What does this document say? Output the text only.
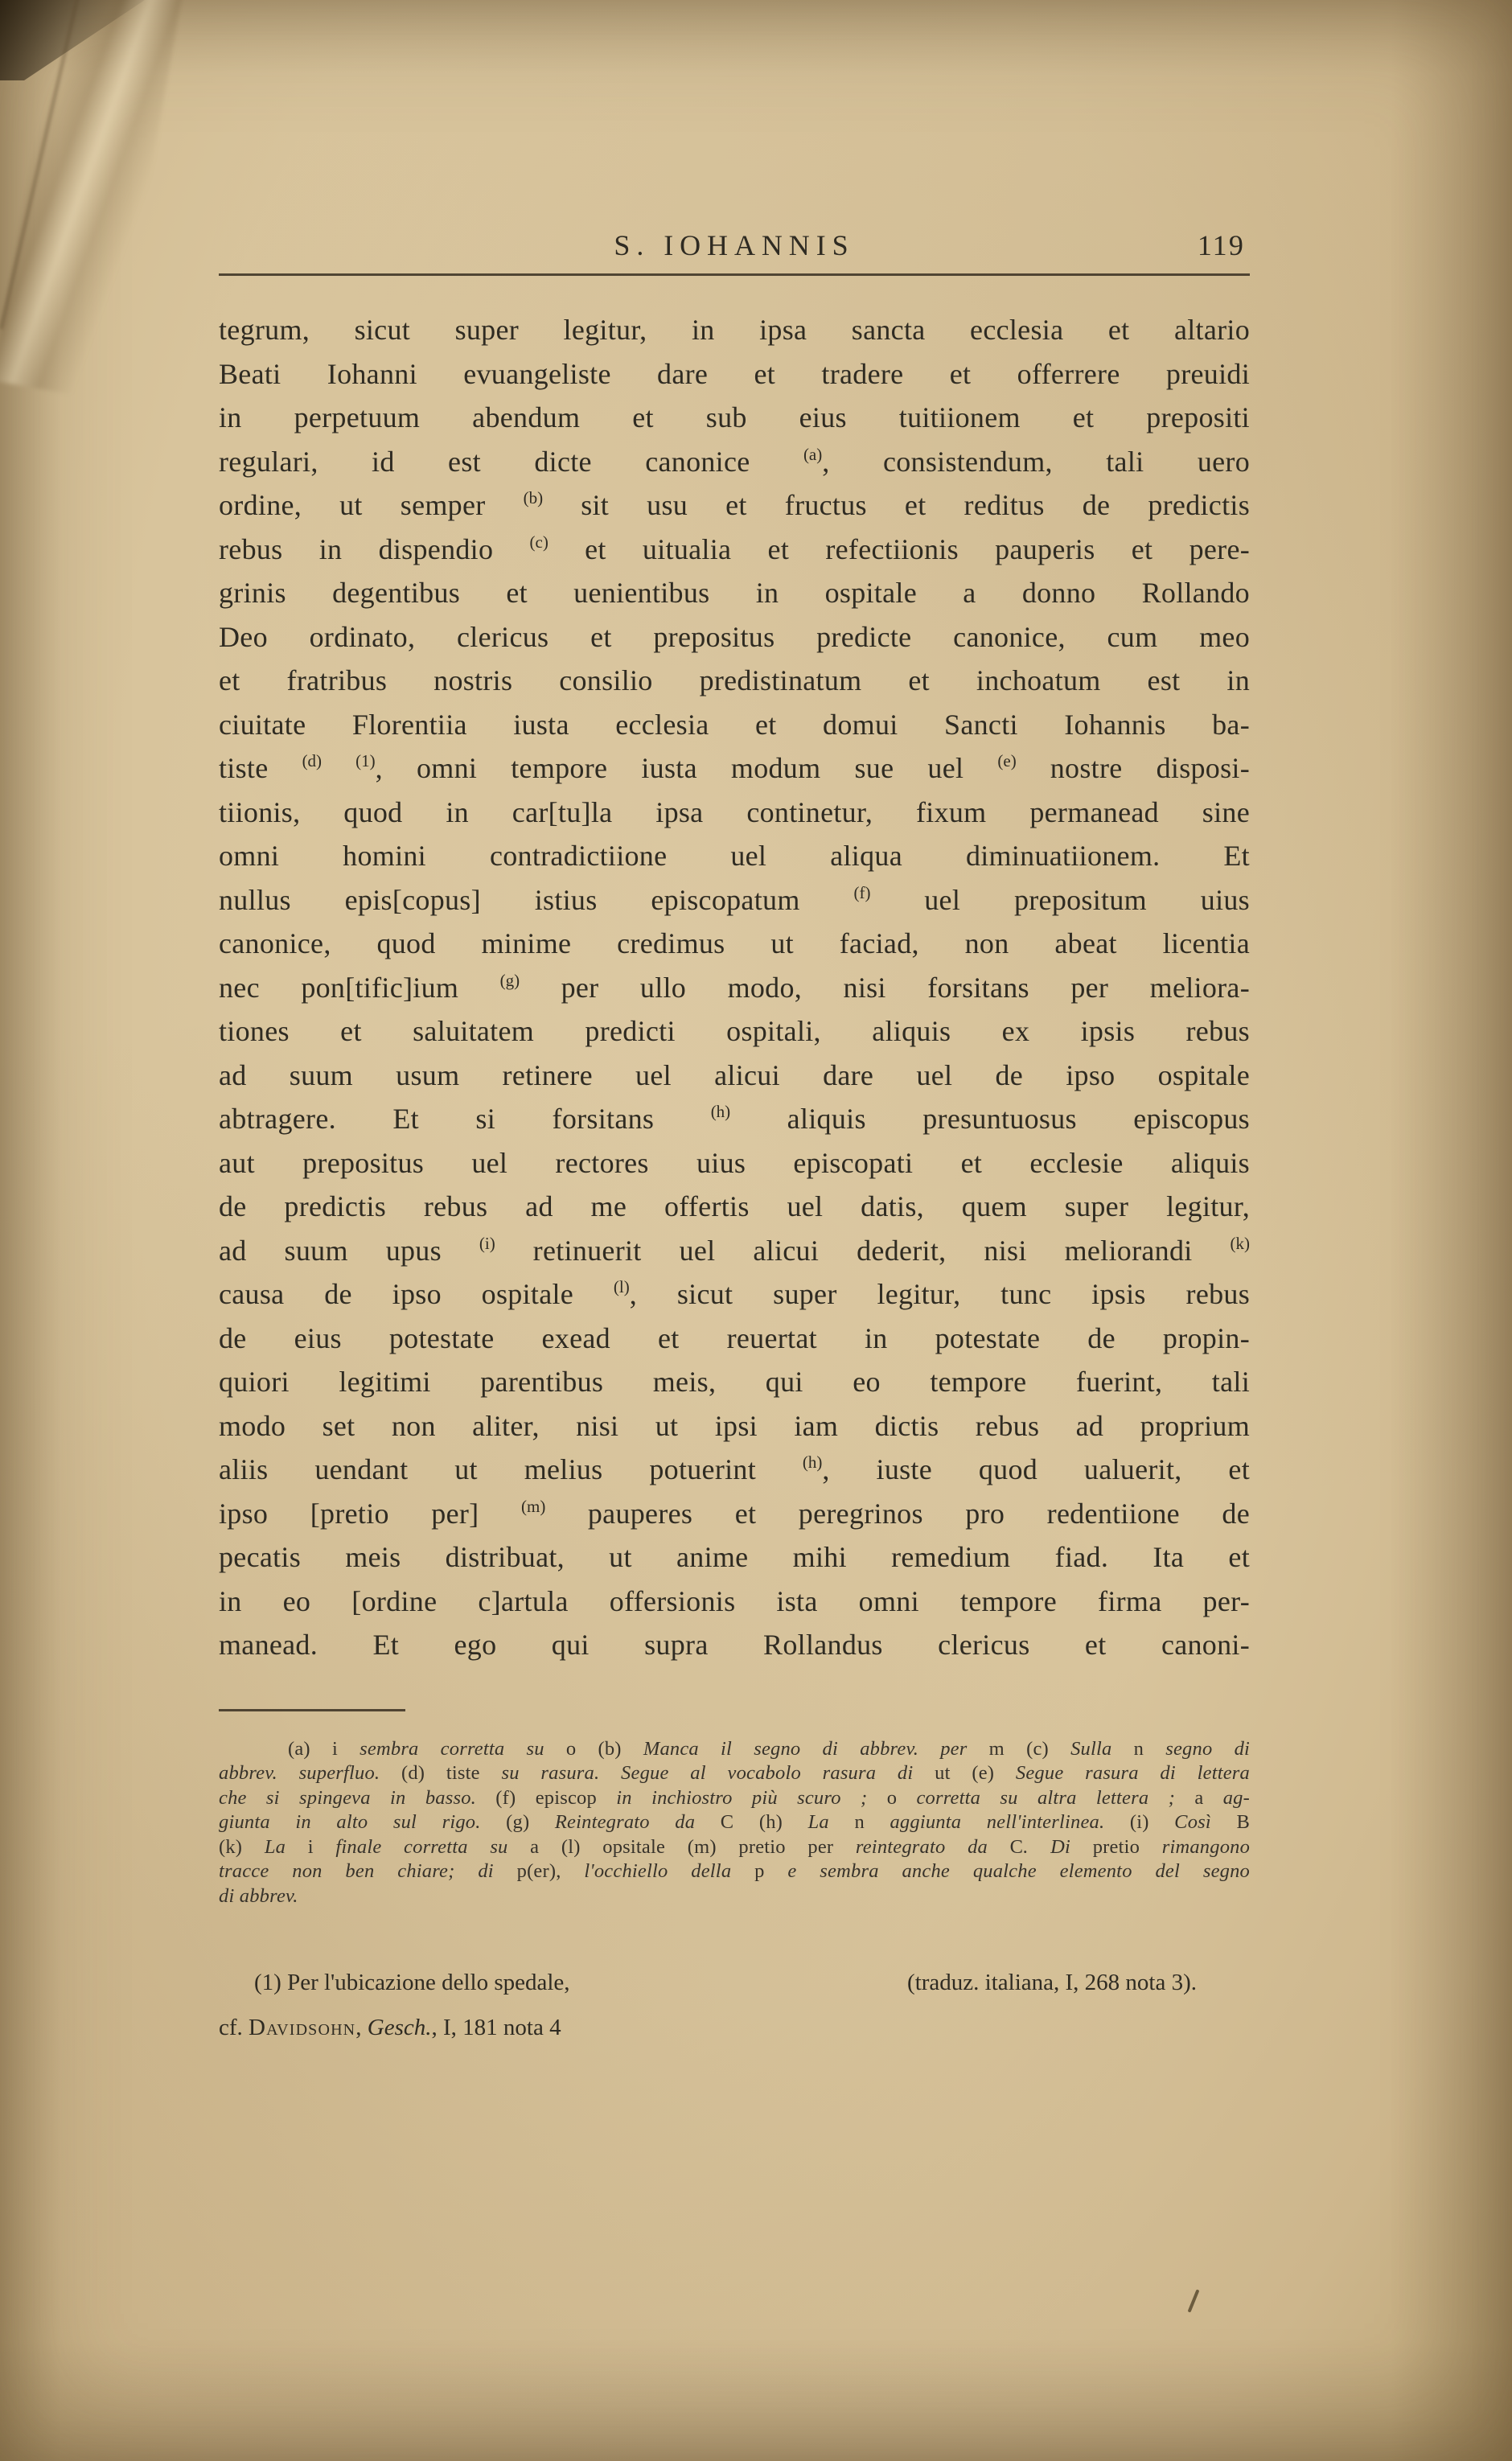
S. IOHANNIS	119
tegrum, sicut super legitur, in ipsa sancta ecclesia et altario
Beati Iohanni evuangeliste dare et tradere et offerrere preuidi
in perpetuum abendum et sub eius tuitiionem et prepositi
regulari, id est dicte canonice $^{(a)}$, consistendum, tali uero
ordine, ut semper $^{(b)}$ sit usu et fructus et reditus de predictis
rebus in dispendio $^{(c)}$ et uitualia et refectiionis pauperis et pere-
grinis degentibus et uenientibus in ospitale a donno Rollando
Deo ordinato, clericus et prepositus predicte canonice, cum meo
et fratribus nostris consilio predistinatum et inchoatum est in
ciuitate Florentiia iusta ecclesia et domui Sancti Iohannis ba-
tiste $^{(d)}$ $^{(1)}$, omni tempore iusta modum sue uel $^{(e)}$ nostre disposi-
tiionis, quod in car[tu]la ipsa continetur, fixum permanead sine
omni homini contradictiione uel aliqua diminuatiionem. Et
nullus epis[copus] istius episcopatum $^{(f)}$ uel prepositum uius
canonice, quod minime credimus ut faciad, non abeat licentia
nec pon[tific]ium $^{(g)}$ per ullo modo, nisi forsitans per meliora-
tiones et saluitatem predicti ospitali, aliquis ex ipsis rebus
ad suum usum retinere uel alicui dare uel de ipso ospitale
abtragere. Et si forsitans $^{(h)}$ aliquis presuntuosus episcopus
aut prepositus uel rectores uius episcopati et ecclesie aliquis
de predictis rebus ad me offertis uel datis, quem super legitur,
ad suum upus $^{(i)}$ retinuerit uel alicui dederit, nisi meliorandi $^{(k)}$
causa de ipso ospitale $^{(l)}$, sicut super legitur, tunc ipsis rebus
de eius potestate exead et reuertat in potestate de propin-
quiori legitimi parentibus meis, qui eo tempore fuerint, tali
modo set non aliter, nisi ut ipsi iam dictis rebus ad proprium
aliis uendant ut melius potuerint $^{(h)}$, iuste quod ualuerit, et
ipso [pretio per] $^{(m)}$ pauperes et peregrinos pro redentiione de
pecatis meis distribuat, ut anime mihi remedium fiad. Ita et
in eo [ordine c]artula offersionis ista omni tempore firma per-
manead. Et ego qui supra Rollandus clericus et canoni-
(a) i sembra corretta su o (b) Manca il segno di abbrev. per m (c) Sulla n segno di
abbrev. superfluo. (d) tiste su rasura. Segue al vocabolo rasura di ut (e) Segue rasura di lettera
che si spingeva in basso. (f) episcop in inchiostro più scuro ; o corretta su altra lettera ; a ag-
giunta in alto sul rigo. (g) Reintegrato da C (h) La n aggiunta nell'interlinea. (i) Così B
(k) La i finale corretta su a (l) opsitale (m) pretio per reintegrato da C. Di pretio rimangono
tracce non ben chiare; di p(er), l'occhiello della p e sembra anche qualche elemento del segno
di abbrev.
(1) Per l'ubicazione dello spedale,	(traduz. italiana, I, 268 nota 3).
cf. Davidsohn, Gesch., I, 181 nota 4
